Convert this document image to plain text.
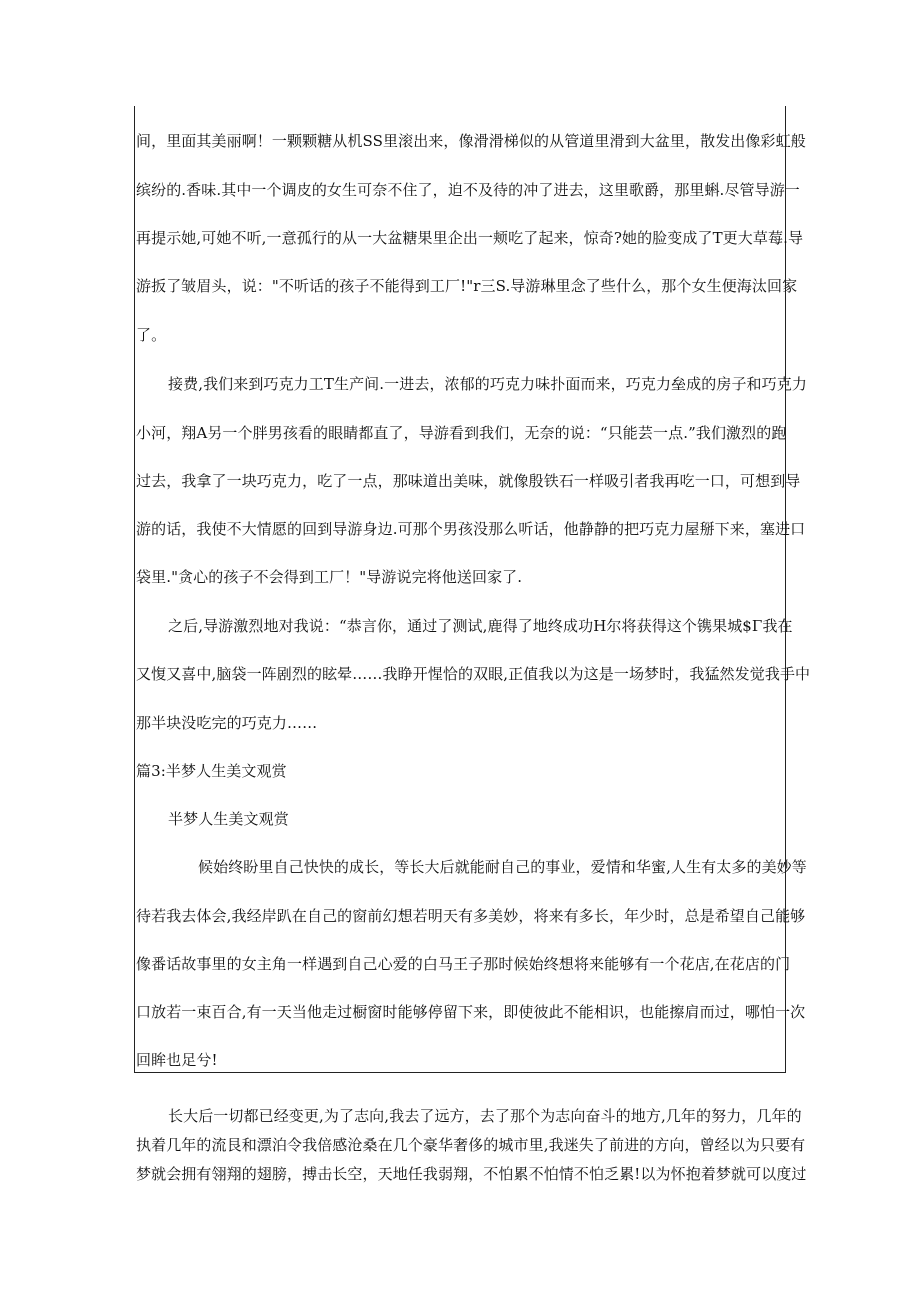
间，里面其美丽啊！一颗颗糖从机SS里滚出来，像滑滑梯似的从管道里滑到大盆里，散发出像彩虹般
缤纷的.香味.其中一个调皮的女生可奈不住了，迫不及待的冲了进去，这里歌爵，那里蝌.尽管导游一
再提示她,可她不听,一意孤行的从一大盆糖果里企出一颊吃了起来，惊奇?她的脸变成了T更大草莓.导
游扳了皱眉头，说："不听话的孩子不能得到工厂!"r三S.导游琳里念了些什么，那个女生便海汰回家
了。
接费,我们来到巧克力工T生产间.一进去，浓郁的巧克力味扑面而来，巧克力垒成的房子和巧克力
小河，翔A另一个胖男孩看的眼睛都直了，导游看到我们，无奈的说：“只能芸一点.”我们激烈的跑
过去，我拿了一块巧克力，吃了一点，那味道出美味，就像殷铁石一样吸引者我再吃一口，可想到导
游的话，我使不大情愿的回到导游身边.可那个男孩没那么听话，他静静的把巧克力屋掰下来，塞进口
袋里."贪心的孩子不会得到工厂！"导游说完将他送回家了.
之后,导游激烈地对我说：“恭言你，通过了测试,鹿得了地终成功H尔将获得这个镌果城$Γ我在
又愎又喜中,脑袋一阵剧烈的眩晕……我睁开惺恰的双眼,正值我以为这是一场梦时，我猛然发觉我手中
那半块没吃完的巧克力……
篇3:半梦人生美文观赏
半梦人生美文观赏
候始终盼里自己快快的成长，等长大后就能耐自己的事业，爱情和华蜜,人生有太多的美妙等
待若我去体会,我经岸趴在自己的窗前幻想若明天有多美妙，将来有多长，年少时，总是希望自己能够
像番话故事里的女主角一样遇到自己心爱的白马王子那时候始终想将来能够有一个花店,在花店的门
口放若一束百合,有一天当他走过橱窗时能够停留下来，即使彼此不能相识，也能擦肩而过，哪怕一次
回眸也足兮!
长大后一切都已经变更,为了志向,我去了远方，去了那个为志向奋斗的地方,几年的努力，几年的
执着几年的流艮和漂泊令我倍感沧桑在几个豪华奢侈的城市里,我迷失了前进的方向，曾经以为只要有
梦就会拥有翎翔的翅膀，搏击长空，天地任我弱翔，不怕累不怕情不怕乏累!以为怀抱着梦就可以度过
